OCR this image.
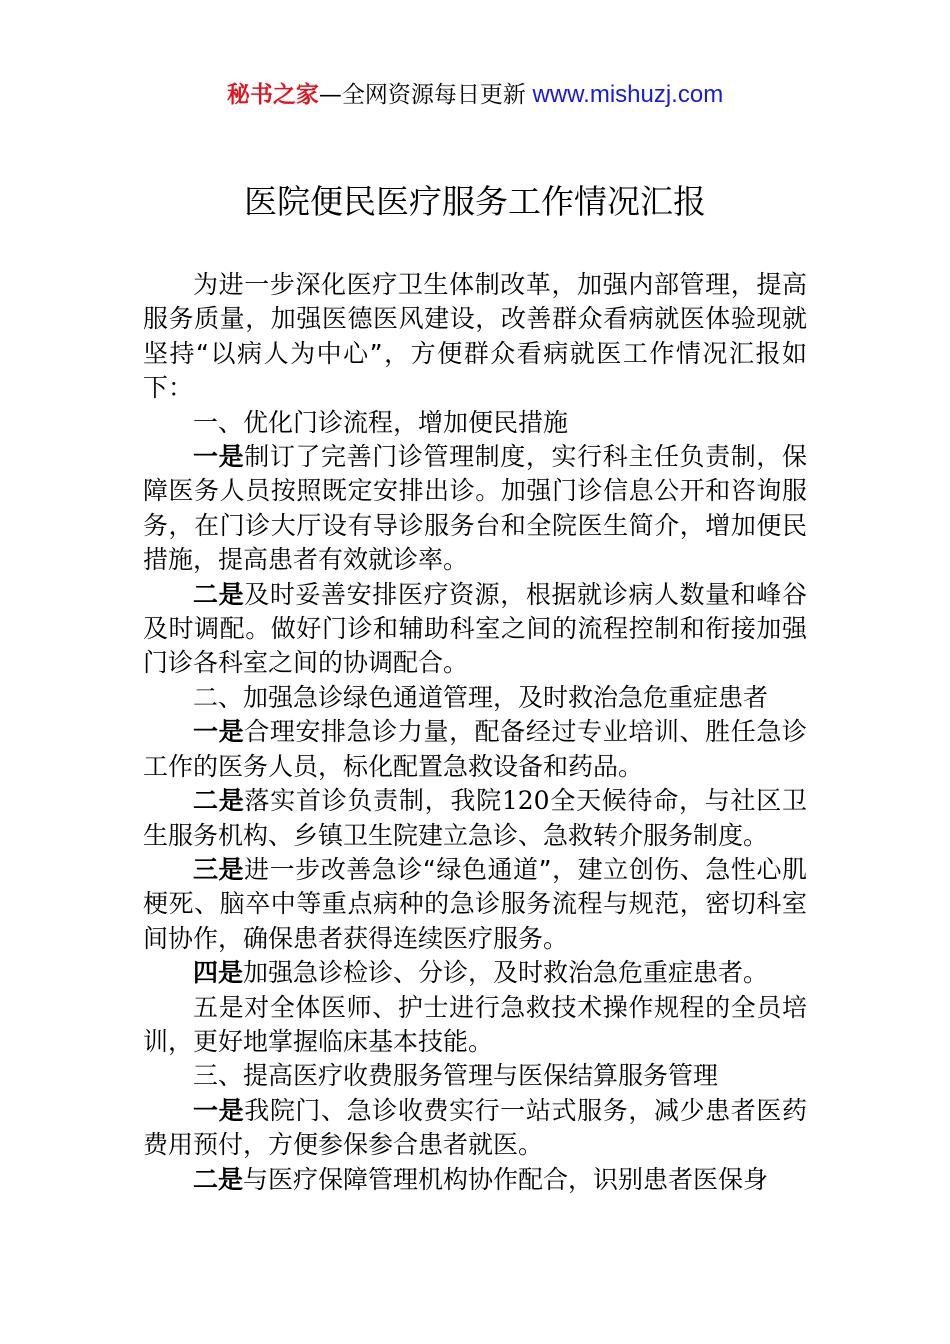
秘书之家—全网资源每日更新 www.mishuzj.com
医院便民医疗服务工作情况汇报

为进一步深化医疗卫生体制改革，加强内部管理，提高服务质量，加强医德医风建设，改善群众看病就医体验现就坚持“以病人为中心”，方便群众看病就医工作情况汇报如下：

一、优化门诊流程，增加便民措施

一是制订了完善门诊管理制度，实行科主任负责制，保障医务人员按照既定安排出诊。加强门诊信息公开和咨询服务，在门诊大厅设有导诊服务台和全院医生简介，增加便民措施，提高患者有效就诊率。

二是及时妥善安排医疗资源，根据就诊病人数量和峰谷及时调配。做好门诊和辅助科室之间的流程控制和衔接加强门诊各科室之间的协调配合。

二、加强急诊绿色通道管理，及时救治急危重症患者

一是合理安排急诊力量，配备经过专业培训、胜任急诊工作的医务人员，标化配置急救设备和药品。

二是落实首诊负责制，我院120全天候待命，与社区卫生服务机构、乡镇卫生院建立急诊、急救转介服务制度。

三是进一步改善急诊“绿色通道”，建立创伤、急性心肌梗死、脑卒中等重点病种的急诊服务流程与规范，密切科室间协作，确保患者获得连续医疗服务。

四是加强急诊检诊、分诊，及时救治急危重症患者。

五是对全体医师、护士进行急救技术操作规程的全员培训，更好地掌握临床基本技能。

三、提高医疗收费服务管理与医保结算服务管理

一是我院门、急诊收费实行一站式服务，减少患者医药费用预付，方便参保参合患者就医。

二是与医疗保障管理机构协作配合，识别患者医保身
